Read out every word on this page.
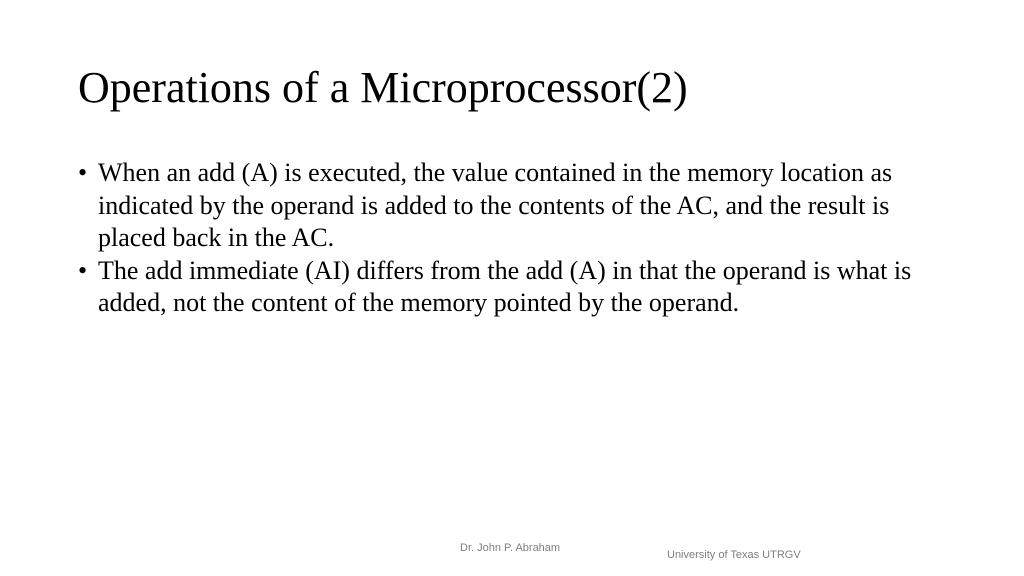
Operations of a Microprocessor(2)
• When an add (A) is executed, the value contained in the memory location as indicated by the operand is added to the contents of the AC, and the result is placed back in the AC.
• The add immediate (AI) differs from the add (A) in that the operand is what is added, not the content of the memory pointed by the operand.
Dr. John P. Abraham
University of Texas UTRGV
